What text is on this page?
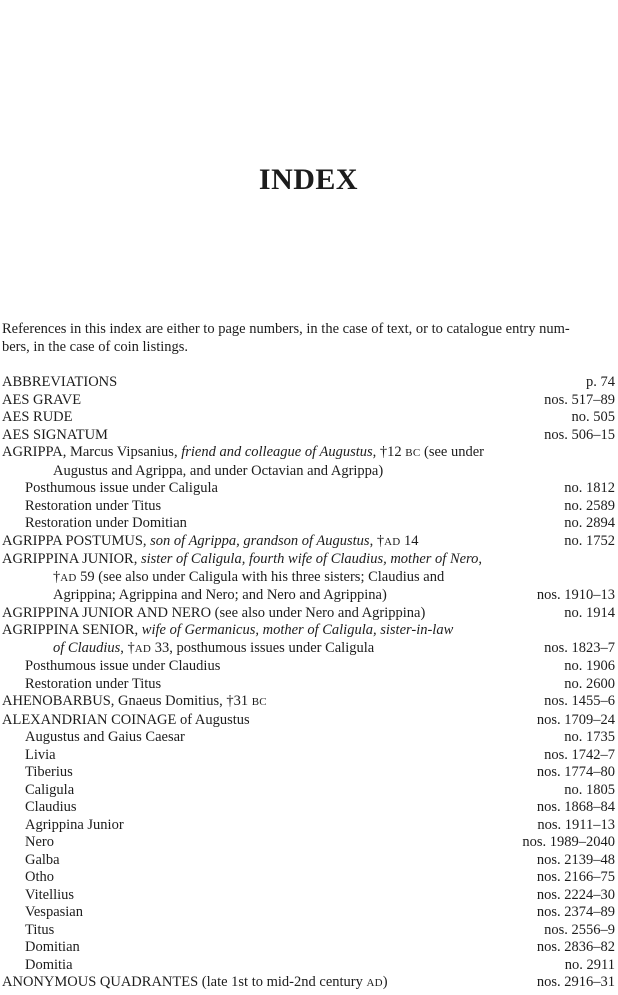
INDEX

References in this index are either to page numbers, in the case of text, or to catalogue entry num-
bers, in the case of coin listings.

ABBREVIATIONS	p. 74
AES GRAVE	nos. 517–89
AES RUDE	no. 505
AES SIGNATUM	nos. 506–15
AGRIPPA, Marcus Vipsanius, friend and colleague of Augustus, †12 BC (see under
Augustus and Agrippa, and under Octavian and Agrippa)
Posthumous issue under Caligula	no. 1812
Restoration under Titus	no. 2589
Restoration under Domitian	no. 2894
AGRIPPA POSTUMUS, son of Agrippa, grandson of Augustus, †AD 14	no. 1752
AGRIPPINA JUNIOR, sister of Caligula, fourth wife of Claudius, mother of Nero,
†AD 59 (see also under Caligula with his three sisters; Claudius and
Agrippina; Agrippina and Nero; and Nero and Agrippina)	nos. 1910–13
AGRIPPINA JUNIOR AND NERO (see also under Nero and Agrippina)	no. 1914
AGRIPPINA SENIOR, wife of Germanicus, mother of Caligula, sister-in-law
of Claudius, †AD 33, posthumous issues under Caligula	nos. 1823–7
Posthumous issue under Claudius	no. 1906
Restoration under Titus	no. 2600
AHENOBARBUS, Gnaeus Domitius, †31 BC	nos. 1455–6
ALEXANDRIAN COINAGE of Augustus	nos. 1709–24
Augustus and Gaius Caesar	no. 1735
Livia	nos. 1742–7
Tiberius	nos. 1774–80
Caligula	no. 1805
Claudius	nos. 1868–84
Agrippina Junior	nos. 1911–13
Nero	nos. 1989–2040
Galba	nos. 2139–48
Otho	nos. 2166–75
Vitellius	nos. 2224–30
Vespasian	nos. 2374–89
Titus	nos. 2556–9
Domitian	nos. 2836–82
Domitia	no. 2911
ANONYMOUS QUADRANTES (late 1st to mid-2nd century AD)	nos. 2916–31
